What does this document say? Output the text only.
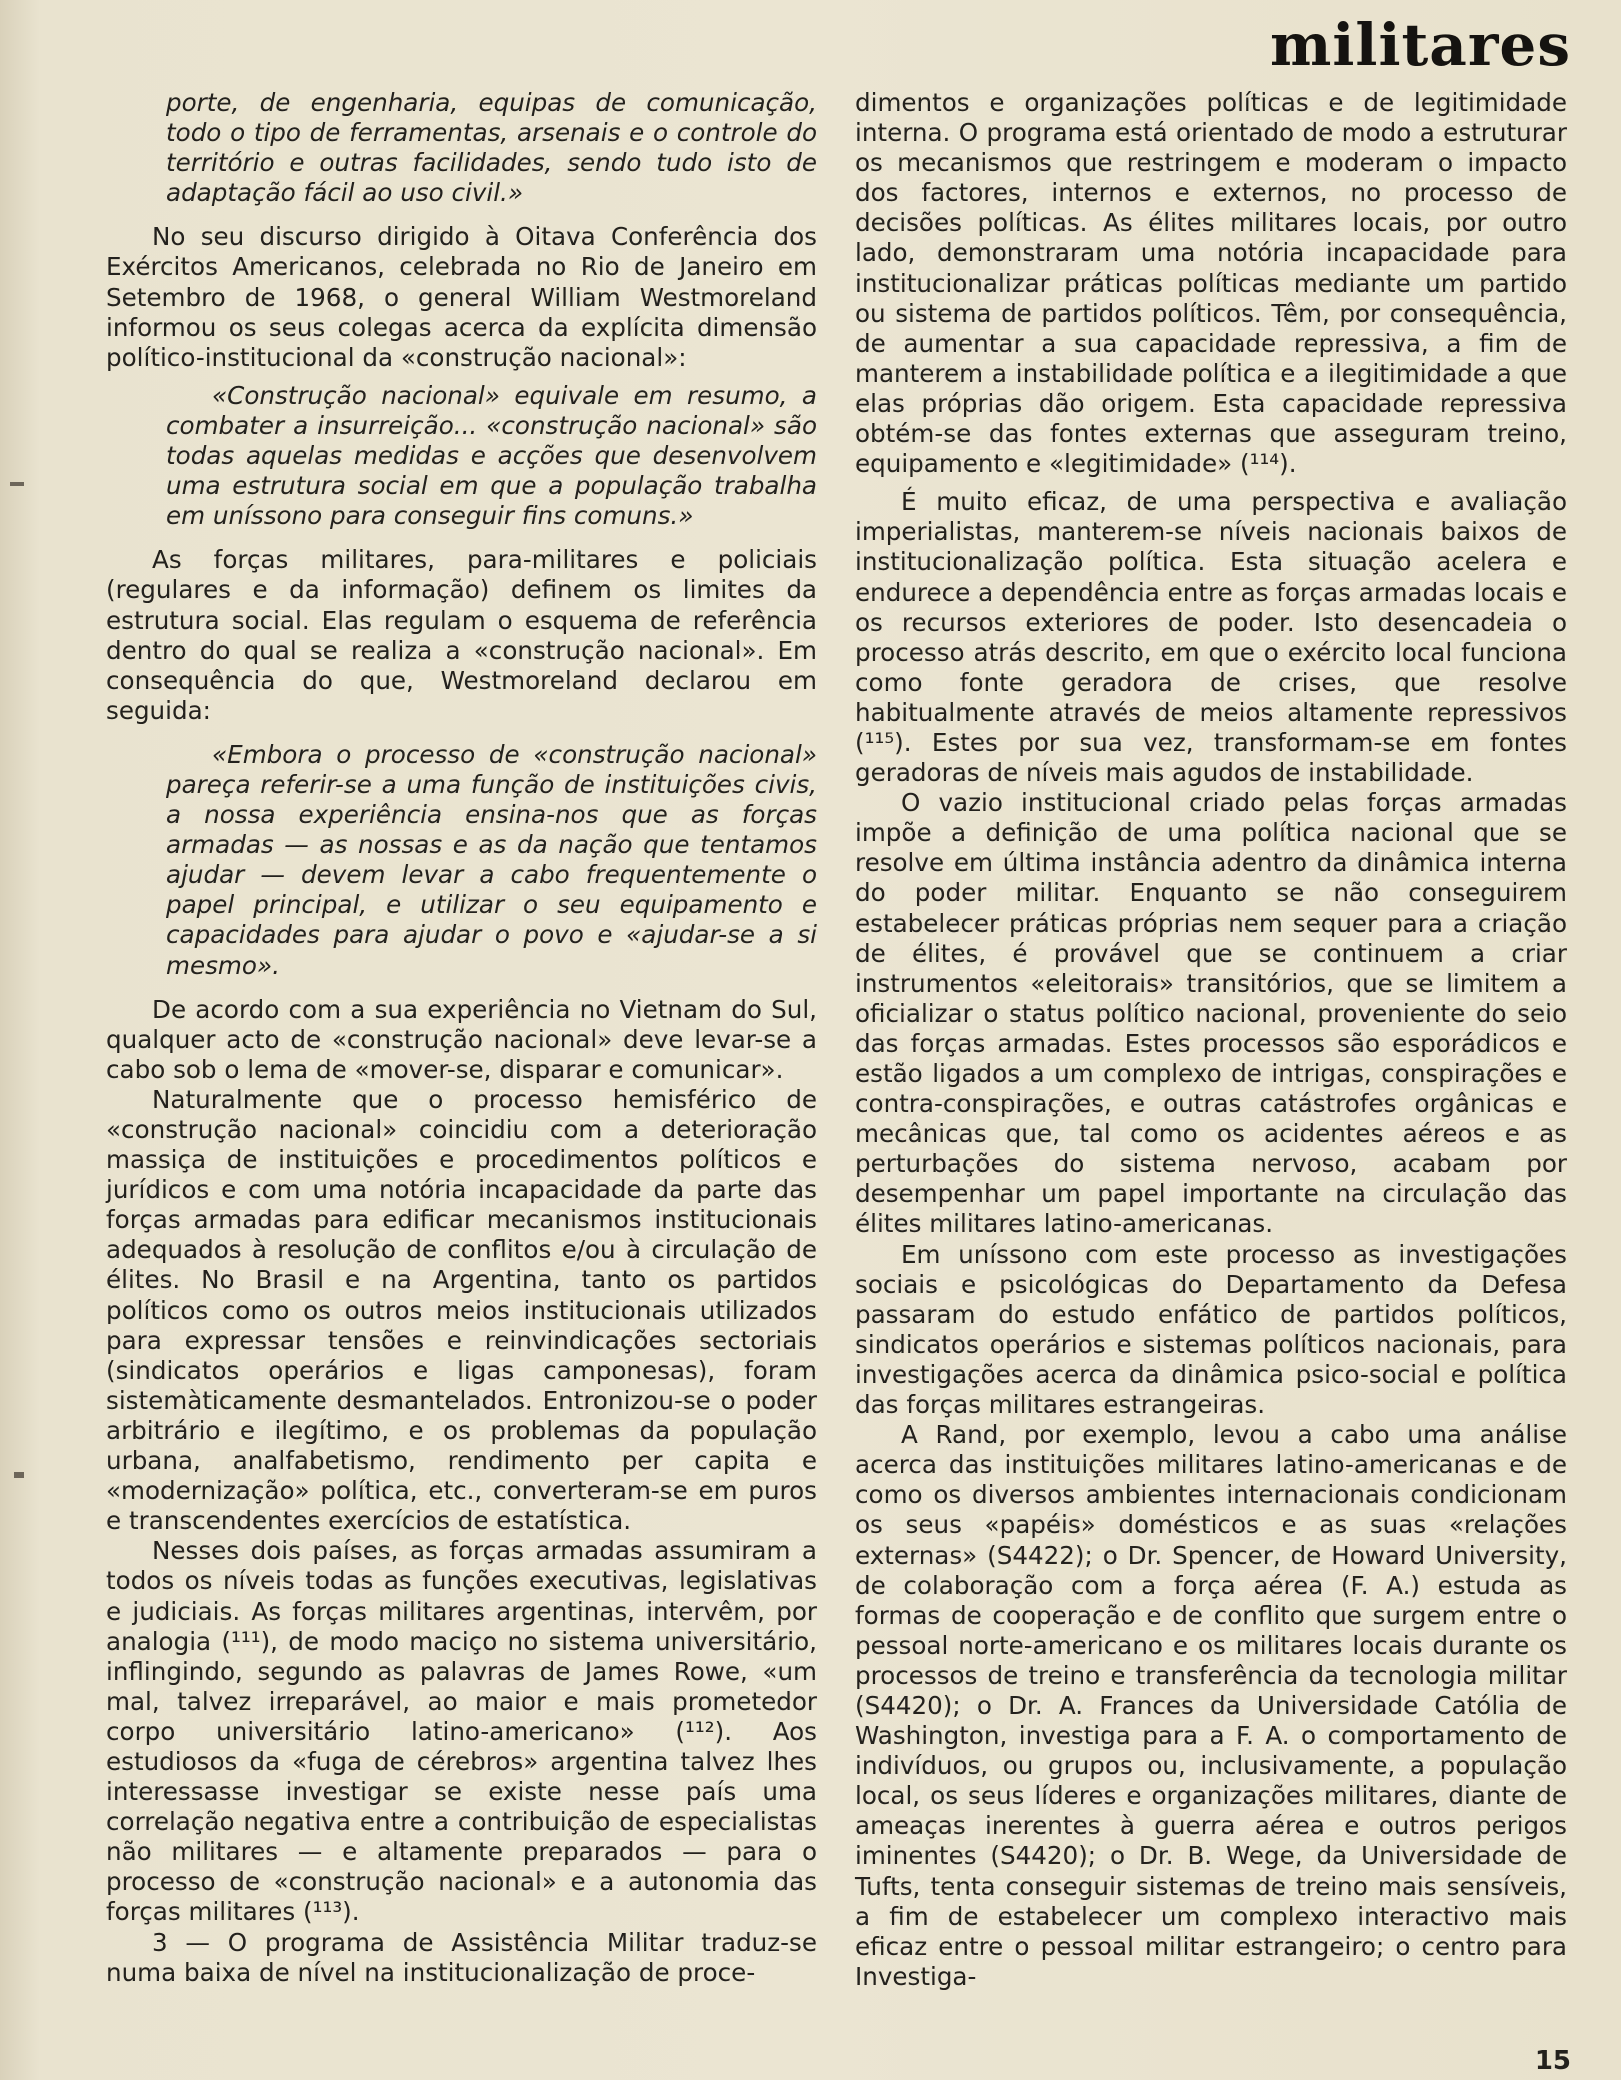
militares

porte, de engenharia, equipas de comunicação, todo o tipo de ferramentas, arsenais e o controle do território e outras facilidades, sendo tudo isto de adaptação fácil ao uso civil.»

No seu discurso dirigido à Oitava Conferência dos Exércitos Americanos, celebrada no Rio de Janeiro em Setembro de 1968, o general William Westmoreland informou os seus colegas acerca da explícita dimensão político-institucional da «construção nacional»:

«Construção nacional» equivale em resumo, a combater a insurreição... «construção nacional» são todas aquelas medidas e acções que desenvolvem uma estrutura social em que a população trabalha em uníssono para conseguir fins comuns.»

As forças militares, para-militares e policiais (regulares e da informação) definem os limites da estrutura social. Elas regulam o esquema de referência dentro do qual se realiza a «construção nacional». Em consequência do que, Westmoreland declarou em seguida:

«Embora o processo de «construção nacional» pareça referir-se a uma função de instituições civis, a nossa experiência ensina-nos que as forças armadas — as nossas e as da nação que tentamos ajudar — devem levar a cabo frequentemente o papel principal, e utilizar o seu equipamento e capacidades para ajudar o povo e «ajudar-se a si mesmo».

De acordo com a sua experiência no Vietnam do Sul, qualquer acto de «construção nacional» deve levar-se a cabo sob o lema de «mover-se, disparar e comunicar».

Naturalmente que o processo hemisférico de «construção nacional» coincidiu com a deterioração massiça de instituições e procedimentos políticos e jurídicos e com uma notória incapacidade da parte das forças armadas para edificar mecanismos institucionais adequados à resolução de conflitos e/ou à circulação de élites. No Brasil e na Argentina, tanto os partidos políticos como os outros meios institucionais utilizados para expressar tensões e reinvindicações sectoriais (sindicatos operários e ligas camponesas), foram sistemàticamente desmantelados. Entronizou-se o poder arbitrário e ilegítimo, e os problemas da população urbana, analfabetismo, rendimento per capita e «modernização» política, etc., converteram-se em puros e transcendentes exercícios de estatística.

Nesses dois países, as forças armadas assumiram a todos os níveis todas as funções executivas, legislativas e judiciais. As forças militares argentinas, intervêm, por analogia (¹¹¹), de modo maciço no sistema universitário, inflingindo, segundo as palavras de James Rowe, «um mal, talvez irreparável, ao maior e mais prometedor corpo universitário latino-americano» (¹¹²). Aos estudiosos da «fuga de cérebros» argentina talvez lhes interessasse investigar se existe nesse país uma correlação negativa entre a contribuição de especialistas não militares — e altamente preparados — para o processo de «construção nacional» e a autonomia das forças militares (¹¹³).

3 — O programa de Assistência Militar traduz-se numa baixa de nível na institucionalização de proce-

dimentos e organizações políticas e de legitimidade interna. O programa está orientado de modo a estruturar os mecanismos que restringem e moderam o impacto dos factores, internos e externos, no processo de decisões políticas. As élites militares locais, por outro lado, demonstraram uma notória incapacidade para institucionalizar práticas políticas mediante um partido ou sistema de partidos políticos. Têm, por consequência, de aumentar a sua capacidade repressiva, a fim de manterem a instabilidade política e a ilegitimidade a que elas próprias dão origem. Esta capacidade repressiva obtém-se das fontes externas que asseguram treino, equipamento e «legitimidade» (¹¹⁴).

É muito eficaz, de uma perspectiva e avaliação imperialistas, manterem-se níveis nacionais baixos de institucionalização política. Esta situação acelera e endurece a dependência entre as forças armadas locais e os recursos exteriores de poder. Isto desencadeia o processo atrás descrito, em que o exército local funciona como fonte geradora de crises, que resolve habitualmente através de meios altamente repressivos (¹¹⁵). Estes por sua vez, transformam-se em fontes geradoras de níveis mais agudos de instabilidade.

O vazio institucional criado pelas forças armadas impõe a definição de uma política nacional que se resolve em última instância adentro da dinâmica interna do poder militar. Enquanto se não conseguirem estabelecer práticas próprias nem sequer para a criação de élites, é provável que se continuem a criar instrumentos «eleitorais» transitórios, que se limitem a oficializar o status político nacional, proveniente do seio das forças armadas. Estes processos são esporádicos e estão ligados a um complexo de intrigas, conspirações e contra-conspirações, e outras catástrofes orgânicas e mecânicas que, tal como os acidentes aéreos e as perturbações do sistema nervoso, acabam por desempenhar um papel importante na circulação das élites militares latino-americanas.

Em uníssono com este processo as investigações sociais e psicológicas do Departamento da Defesa passaram do estudo enfático de partidos políticos, sindicatos operários e sistemas políticos nacionais, para investigações acerca da dinâmica psico-social e política das forças militares estrangeiras.

A Rand, por exemplo, levou a cabo uma análise acerca das instituições militares latino-americanas e de como os diversos ambientes internacionais condicionam os seus «papéis» domésticos e as suas «relações externas» (S4422); o Dr. Spencer, de Howard University, de colaboração com a força aérea (F. A.) estuda as formas de cooperação e de conflito que surgem entre o pessoal norte-americano e os militares locais durante os processos de treino e transferência da tecnologia militar (S4420); o Dr. A. Frances da Universidade Católia de Washington, investiga para a F. A. o comportamento de indivíduos, ou grupos ou, inclusivamente, a população local, os seus líderes e organizações militares, diante de ameaças inerentes à guerra aérea e outros perigos iminentes (S4420); o Dr. B. Wege, da Universidade de Tufts, tenta conseguir sistemas de treino mais sensíveis, a fim de estabelecer um complexo interactivo mais eficaz entre o pessoal militar estrangeiro; o centro para Investiga-

15
